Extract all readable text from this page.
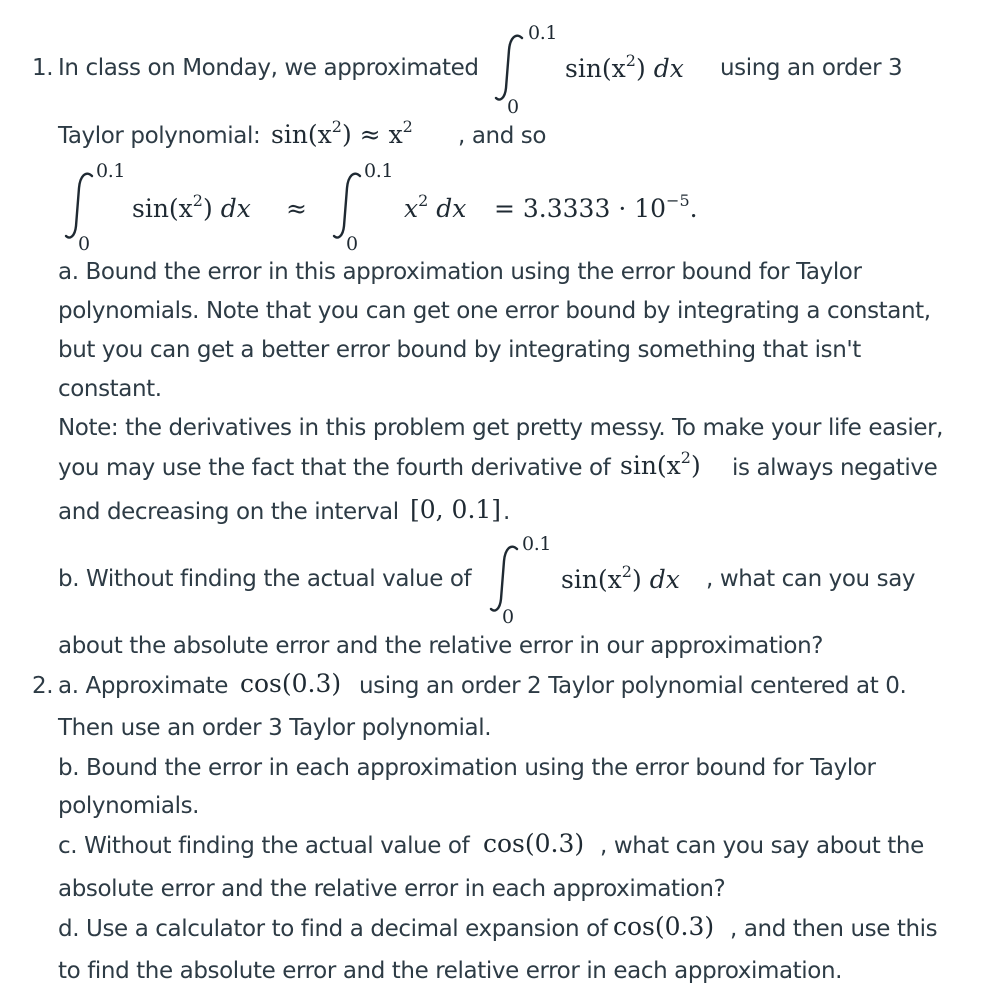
1. In class on Monday, we approximated
0.1
0
$\sin(x^2)$ dx using an order 3
Taylor polynomial: $\sin(x^2) \approx x^2$ , and so
0.1
0
$\sin(x^2)$ dx ≈
0.1
0
$x^2$ dx = $3.3333 \cdot 10^{-5}$.
a. Bound the error in this approximation using the error bound for Taylor
polynomials. Note that you can get one error bound by integrating a constant,
but you can get a better error bound by integrating something that isn't
constant.
Note: the derivatives in this problem get pretty messy. To make your life easier,
you may use the fact that the fourth derivative of $\sin(x^2)$ is always negative
and decreasing on the interval [0, 0.1] .
b. Without finding the actual value of
0.1
0
$\sin(x^2)$ dx , what can you say
about the absolute error and the relative error in our approximation?
2. a. Approximate cos(0.3) using an order 2 Taylor polynomial centered at 0.
Then use an order 3 Taylor polynomial.
b. Bound the error in each approximation using the error bound for Taylor
polynomials.
c. Without finding the actual value of cos(0.3) , what can you say about the
absolute error and the relative error in each approximation?
d. Use a calculator to find a decimal expansion of cos(0.3) , and then use this
to find the absolute error and the relative error in each approximation.
